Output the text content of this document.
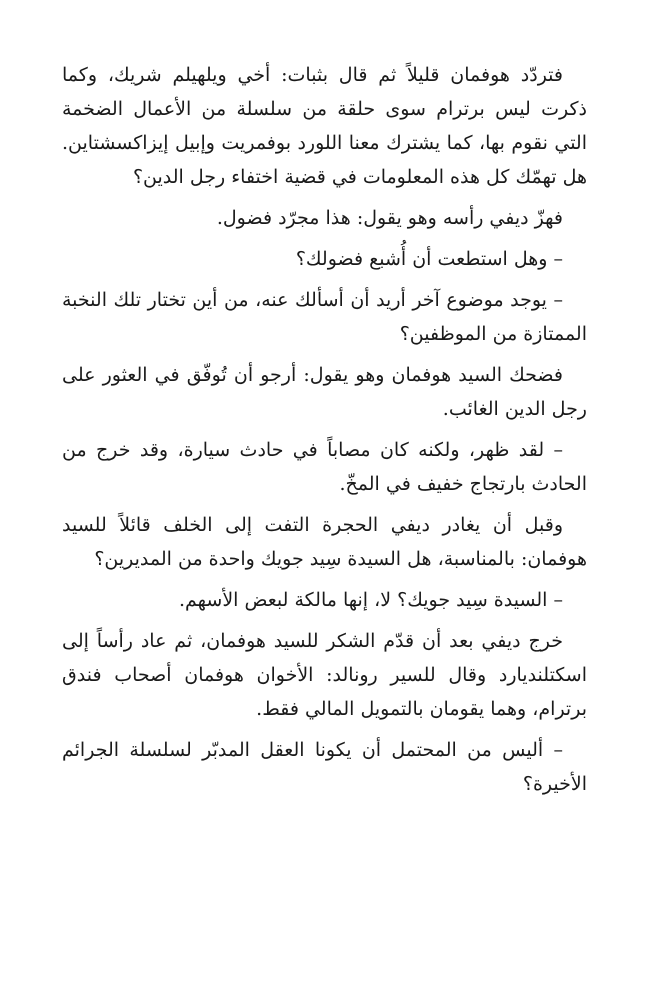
فتردّد هوفمان قليلاً ثم قال بثبات: أخي ويلهيلم شريك، وكما ذكرت ليس برترام سوى حلقة من سلسلة من الأعمال الضخمة التي نقوم بها، كما يشترك معنا اللورد بوفمريت وإبيل إيزاكسشتاين. هل تهمّك كل هذه المعلومات في قضية اختفاء رجل الدين؟

فهزّ ديفي رأسه وهو يقول: هذا مجرّد فضول.

– وهل استطعت أن أُشبع فضولك؟

– يوجد موضوع آخر أريد أن أسألك عنه، من أين تختار تلك النخبة الممتازة من الموظفين؟

فضحك السيد هوفمان وهو يقول: أرجو أن تُوفّق في العثور على رجل الدين الغائب.

– لقد ظهر، ولكنه كان مصاباً في حادث سيارة، وقد خرج من الحادث بارتجاج خفيف في المخّ.

وقبل أن يغادر ديفي الحجرة التفت إلى الخلف قائلاً للسيد هوفمان: بالمناسبة، هل السيدة سِيد جويك واحدة من المديرين؟

– السيدة سِيد جويك؟ لا، إنها مالكة لبعض الأسهم.

خرج ديفي بعد أن قدّم الشكر للسيد هوفمان، ثم عاد رأساً إلى اسكتلنديارد وقال للسير رونالد: الأخوان هوفمان أصحاب فندق برترام، وهما يقومان بالتمويل المالي فقط.

– أليس من المحتمل أن يكونا العقل المدبّر لسلسلة الجرائم الأخيرة؟
